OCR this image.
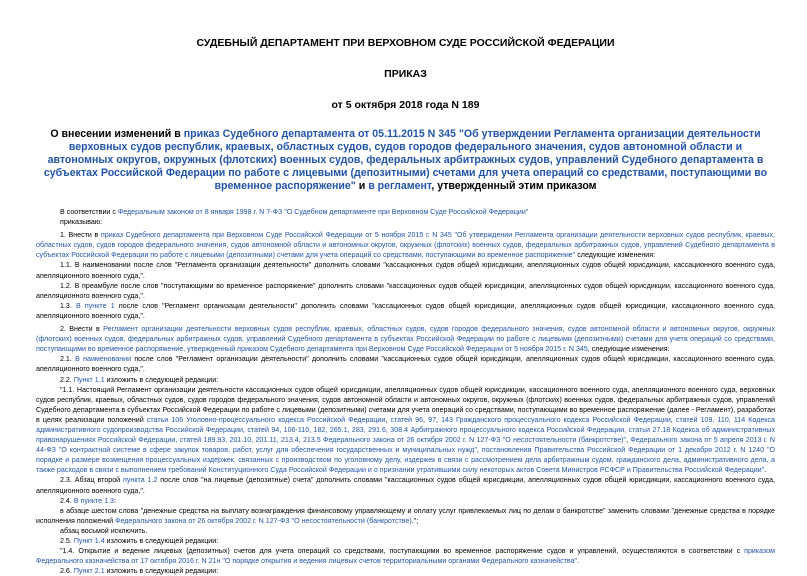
СУДЕБНЫЙ ДЕПАРТАМЕНТ ПРИ ВЕРХОВНОМ СУДЕ РОССИЙСКОЙ ФЕДЕРАЦИИ
ПРИКАЗ
от 5 октября 2018 года N 189
О внесении изменений в приказ Судебного департамента от 05.11.2015 N 345 "Об утверждении Регламента организации деятельности верховных судов республик, краевых, областных судов, судов городов федерального значения, судов автономной области и автономных округов, окружных (флотских) военных судов, федеральных арбитражных судов, управлений Судебного департамента в субъектах Российской Федерации по работе с лицевыми (депозитными) счетами для учета операций со средствами, поступающими во временное распоряжение" и в регламент, утвержденный этим приказом

В соответствии с Федеральным законом от 8 января 1998 г. N 7-ФЗ "О Судебном департаменте при Верховном Суде Российской Федерации"

приказываю:

1. Внести в приказ Судебного департамента при Верховном Суде Российской Федерации от 5 ноября 2015 г. N 345 "Об утверждении Регламента организации деятельности верховных судов республик, краевых, областных судов, судов городов федерального значения, судов автономной области и автономных округов, окружных (флотских) военных судов, федеральных арбитражных судов, управлений Судебного департамента в субъектах Российской Федерации по работе с лицевыми (депозитными) счетами для учета операций со средствами, поступающими во временное распоряжение" следующие изменения:

1.1. В наименовании после слов "Регламента организации деятельности" дополнить словами "кассационных судов общей юрисдикции, апелляционных судов общей юрисдикции, кассационного военного суда, апелляционного военного суда,".

1.2. В преамбуле после слов "поступающими во временное распоряжение" дополнить словами "кассационных судов общей юрисдикции, апелляционных судов общей юрисдикции, кассационного военного суда, апелляционного военного суда,".

1.3. В пункте 1 после слов "Регламент организации деятельности" дополнить словами "кассационных судов общей юрисдикции, апелляционных судов общей юрисдикции, кассационного военного суда, апелляционного военного суда,".

2. Внести в Регламент организации деятельности верховных судов республик, краевых, областных судов, судов городов федерального значения, судов автономной области и автономных округов, окружных (флотских) военных судов, федеральных арбитражных судов, управлений Судебного департамента в субъектах Российской Федерации по работе с лицевыми (депозитными) счетами для учета операций со средствами, поступающими во временное распоряжение, утвержденный приказом Судебного департамента при Верховном Суде Российской Федерации от 5 ноября 2015 г. N 345, следующие изменения:

2.1. В наименовании после слов "Регламент организации деятельности" дополнить словами "кассационных судов общей юрисдикции, апелляционных судов общей юрисдикции, кассационного военного суда, апелляционного военного суда,".

2.2. Пункт 1.1 изложить в следующей редакции:

"1.1. Настоящий Регламент организации деятельности кассационных судов общей юрисдикции, апелляционных судов общей юрисдикции, кассационного военного суда, апелляционного военного суда, верховных судов республик, краевых, областных судов, судов городов федерального значения, судов автономной области и автономных округов, окружных (флотских) военных судов, федеральных арбитражных судов, управлений Судебного департамента в субъектах Российской Федерации по работе с лицевыми (депозитными) счетами для учета операций со средствами, поступающими во временное распоряжение (далее - Регламент), разработан в целях реализации положений статьи 106 Уголовно-процессуального кодекса Российской Федерации, статей 96, 97, 143 Гражданского процессуального кодекса Российской Федерации, статей 109, 110, 114 Кодекса административного судопроизводства Российской Федерации, статей 94, 106-110, 182, 265.1, 283, 291.6, 308.4 Арбитражного процессуального кодекса Российской Федерации, статьи 27.18 Кодекса об административных правонарушениях Российской Федерации, статей 189.93, 201.10, 201.11, 213.4, 213.5 Федерального закона от 26 октября 2002 г. N 127-ФЗ "О несостоятельности (банкротстве)", Федерального закона от 5 апреля 2013 г. N 44-ФЗ "О контрактной системе в сфере закупок товаров, работ, услуг для обеспечения государственных и муниципальных нужд", постановления Правительства Российской Федерации от 1 декабря 2012 г. N 1240 "О порядке и размере возмещения процессуальных издержек, связанных с производством по уголовному делу, издержек в связи с рассмотрением дела арбитражным судом, гражданского дела, административного дела, а также расходов в связи с выполнением требований Конституционного Суда Российской Федерации и о признании утратившими силу некоторых актов Совета Министров РСФСР и Правительства Российской Федерации".

2.3. Абзац второй пункта 1.2 после слов "на лицевые (депозитные) счета" дополнить словами "кассационных судов общей юрисдикции, апелляционных судов общей юрисдикции, кассационного военного суда, апелляционного военного суда,".

2.4. В пункте 1.3:

в абзаце шестом слова "денежные средства на выплату вознаграждения финансовому управляющему и оплату услуг привлекаемых лиц по делам о банкротстве" заменить словами "денежные средства в порядке исполнения положений Федерального закона от 26 октября 2002 г. N 127-ФЗ "О несостоятельности (банкротстве).";

абзац восьмой исключить.

2.5. Пункт 1.4 изложить в следующей редакции:

"1.4. Открытие и ведение лицевых (депозитных) счетов для учета операций со средствами, поступающими во временное распоряжение судов и управлений, осуществляются в соответствии с приказом Федерального казначейства от 17 октября 2016 г. N 21н "О порядке открытия и ведения лицевых счетов территориальными органами Федерального казначейства".

2.6. Пункт 2.1 изложить в следующей редакции:
